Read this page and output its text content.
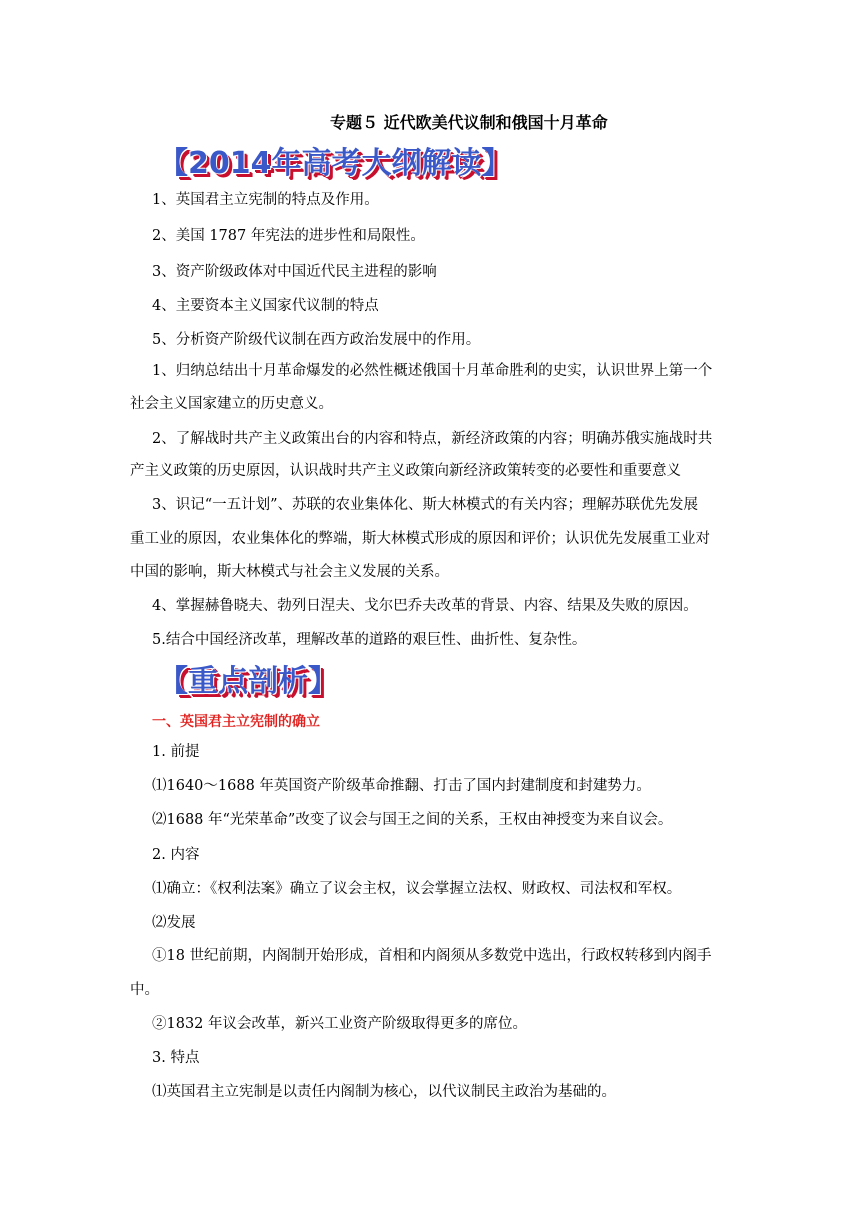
专题５ 近代欧美代议制和俄国十月革命
【2014年高考大纲解读】
1、英国君主立宪制的特点及作用。
2、美国 1787 年宪法的进步性和局限性。
3、资产阶级政体对中国近代民主进程的影响
4、主要资本主义国家代议制的特点
5、分析资产阶级代议制在西方政治发展中的作用。
1、归纳总结出十月革命爆发的必然性概述俄国十月革命胜利的史实，认识世界上第一个
社会主义国家建立的历史意义。
2、了解战时共产主义政策出台的内容和特点，新经济政策的内容；明确苏俄实施战时共
产主义政策的历史原因，认识战时共产主义政策向新经济政策转变的必要性和重要意义
3、识记“一五计划”、苏联的农业集体化、斯大林模式的有关内容；理解苏联优先发展
重工业的原因，农业集体化的弊端，斯大林模式形成的原因和评价；认识优先发展重工业对
中国的影响，斯大林模式与社会主义发展的关系。
4、掌握赫鲁晓夫、勃列日涅夫、戈尔巴乔夫改革的背景、内容、结果及失败的原因。
5.结合中国经济改革，理解改革的道路的艰巨性、曲折性、复杂性。
【重点剖析】
一、英国君主立宪制的确立
1. 前提
⑴1640～1688 年英国资产阶级革命推翻、打击了国内封建制度和封建势力。
⑵1688 年“光荣革命”改变了议会与国王之间的关系，王权由神授变为来自议会。
2. 内容
⑴确立：《权利法案》确立了议会主权，议会掌握立法权、财政权、司法权和军权。
⑵发展
①18 世纪前期，内阁制开始形成，首相和内阁须从多数党中选出，行政权转移到内阁手
中。
②1832 年议会改革，新兴工业资产阶级取得更多的席位。
3. 特点
⑴英国君主立宪制是以责任内阁制为核心，以代议制民主政治为基础的。
